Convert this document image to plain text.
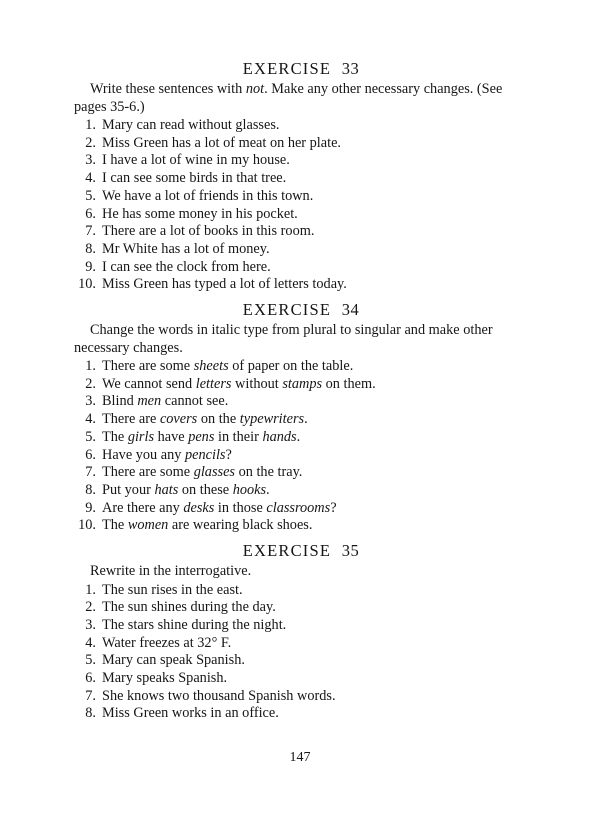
EXERCISE 33

Write these sentences with not. Make any other necessary changes. (See pages 35-6.)

1. Mary can read without glasses.
2. Miss Green has a lot of meat on her plate.
3. I have a lot of wine in my house.
4. I can see some birds in that tree.
5. We have a lot of friends in this town.
6. He has some money in his pocket.
7. There are a lot of books in this room.
8. Mr White has a lot of money.
9. I can see the clock from here.
10. Miss Green has typed a lot of letters today.
EXERCISE 34

Change the words in italic type from plural to singular and make other necessary changes.

1. There are some sheets of paper on the table.
2. We cannot send letters without stamps on them.
3. Blind men cannot see.
4. There are covers on the typewriters.
5. The girls have pens in their hands.
6. Have you any pencils?
7. There are some glasses on the tray.
8. Put your hats on these hooks.
9. Are there any desks in those classrooms?
10. The women are wearing black shoes.
EXERCISE 35

Rewrite in the interrogative.

1. The sun rises in the east.
2. The sun shines during the day.
3. The stars shine during the night.
4. Water freezes at 32° F.
5. Mary can speak Spanish.
6. Mary speaks Spanish.
7. She knows two thousand Spanish words.
8. Miss Green works in an office.
147
